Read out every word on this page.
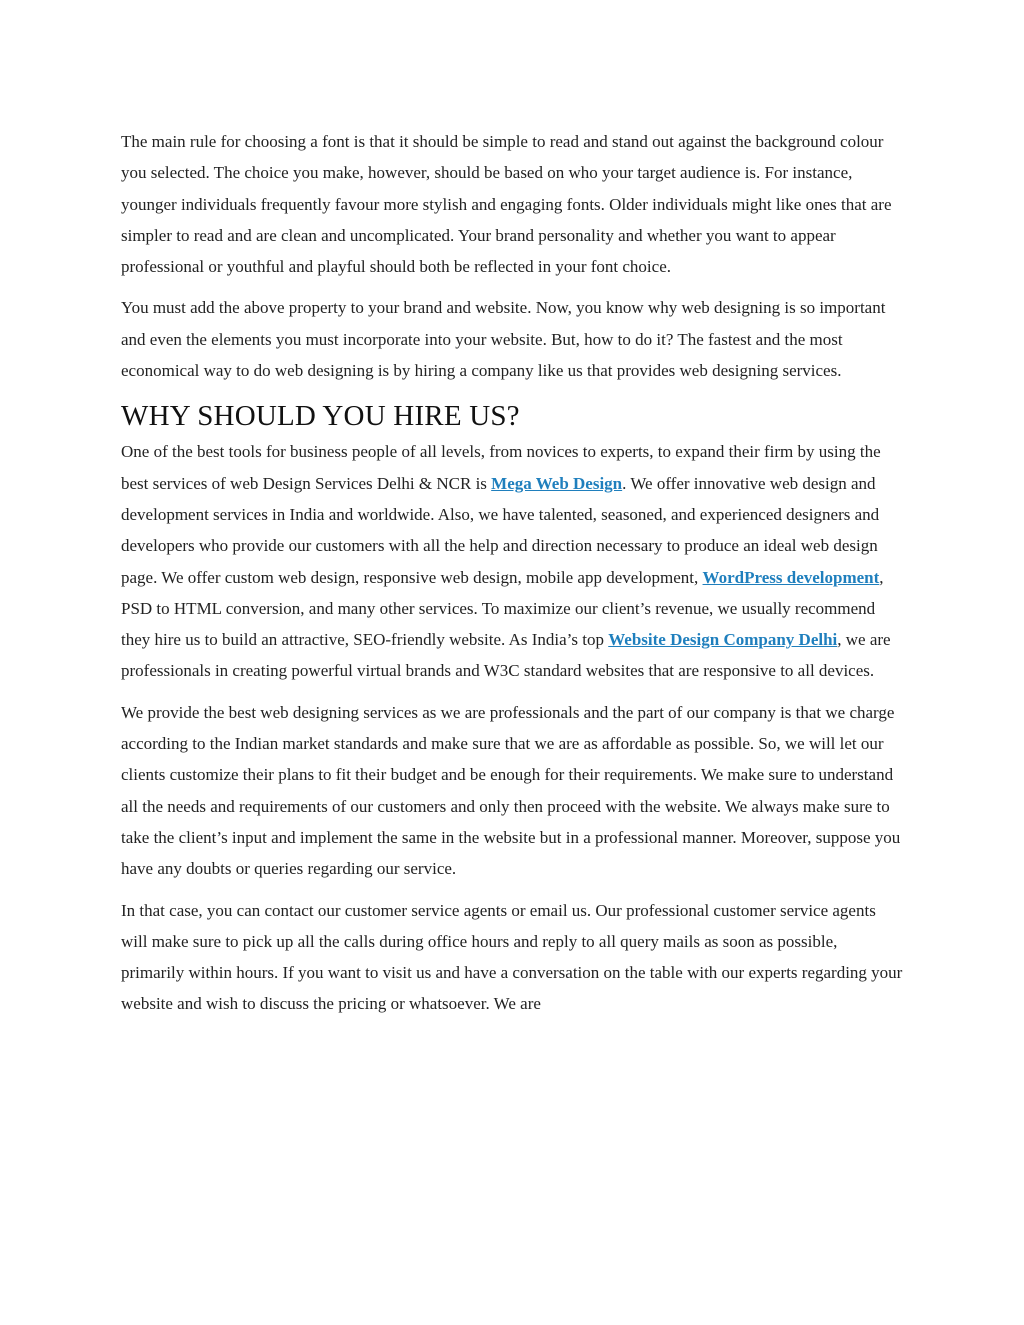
The main rule for choosing a font is that it should be simple to read and stand out against the background colour you selected. The choice you make, however, should be based on who your target audience is. For instance, younger individuals frequently favour more stylish and engaging fonts. Older individuals might like ones that are simpler to read and are clean and uncomplicated. Your brand personality and whether you want to appear professional or youthful and playful should both be reflected in your font choice.

You must add the above property to your brand and website. Now, you know why web designing is so important and even the elements you must incorporate into your website. But, how to do it? The fastest and the most economical way to do web designing is by hiring a company like us that provides web designing services.

WHY SHOULD YOU HIRE US?

One of the best tools for business people of all levels, from novices to experts, to expand their firm by using the best services of web Design Services Delhi & NCR is Mega Web Design. We offer innovative web design and development services in India and worldwide. Also, we have talented, seasoned, and experienced designers and developers who provide our customers with all the help and direction necessary to produce an ideal web design page. We offer custom web design, responsive web design, mobile app development, WordPress development, PSD to HTML conversion, and many other services. To maximize our client’s revenue, we usually recommend they hire us to build an attractive, SEO-friendly website. As India’s top Website Design Company Delhi, we are professionals in creating powerful virtual brands and W3C standard websites that are responsive to all devices.

We provide the best web designing services as we are professionals and the part of our company is that we charge according to the Indian market standards and make sure that we are as affordable as possible. So, we will let our clients customize their plans to fit their budget and be enough for their requirements. We make sure to understand all the needs and requirements of our customers and only then proceed with the website. We always make sure to take the client’s input and implement the same in the website but in a professional manner. Moreover, suppose you have any doubts or queries regarding our service.

In that case, you can contact our customer service agents or email us. Our professional customer service agents will make sure to pick up all the calls during office hours and reply to all query mails as soon as possible, primarily within hours. If you want to visit us and have a conversation on the table with our experts regarding your website and wish to discuss the pricing or whatsoever. We are
